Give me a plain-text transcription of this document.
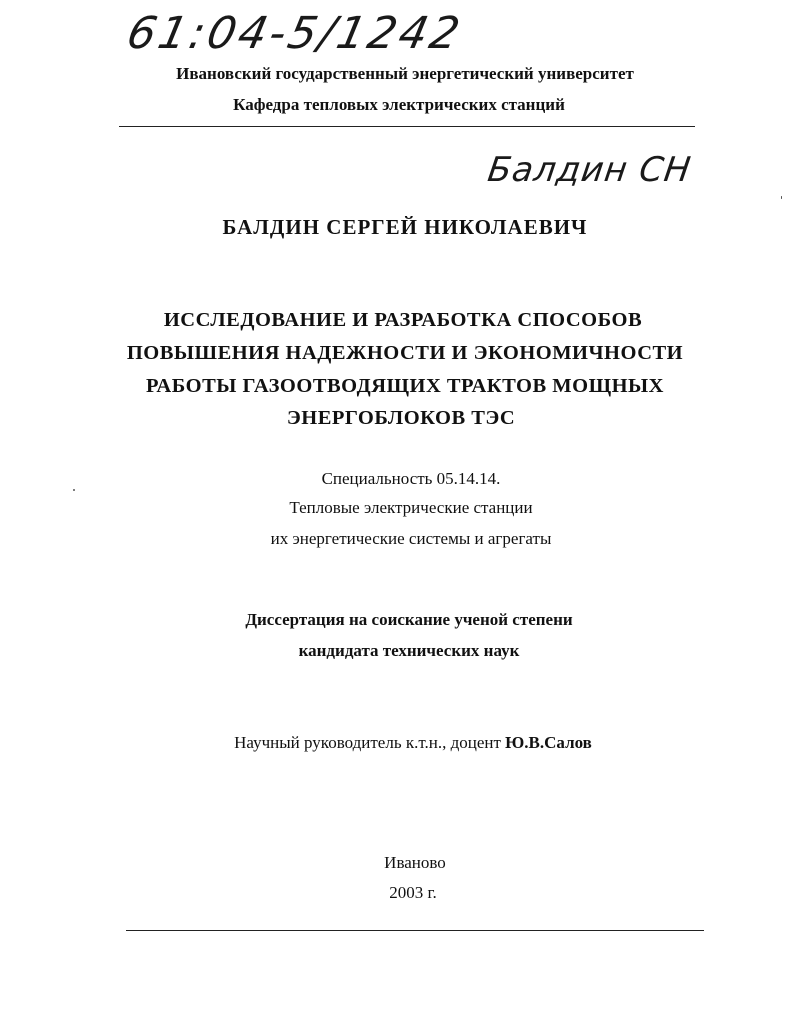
61:04-5/1242
Ивановский государственный энергетический университет
Кафедра тепловых электрических станций
Балдин СН
БАЛДИН СЕРГЕЙ НИКОЛАЕВИЧ
ИССЛЕДОВАНИЕ И РАЗРАБОТКА СПОСОБОВ
ПОВЫШЕНИЯ НАДЕЖНОСТИ И ЭКОНОМИЧНОСТИ
РАБОТЫ ГАЗООТВОДЯЩИХ ТРАКТОВ МОЩНЫХ
ЭНЕРГОБЛОКОВ ТЭС
Специальность 05.14.14.
Тепловые электрические станции
их энергетические системы и агрегаты
Диссертация на соискание ученой степени
кандидата технических наук
Научный руководитель к.т.н., доцент Ю.В.Салов
Иваново
2003 г.
